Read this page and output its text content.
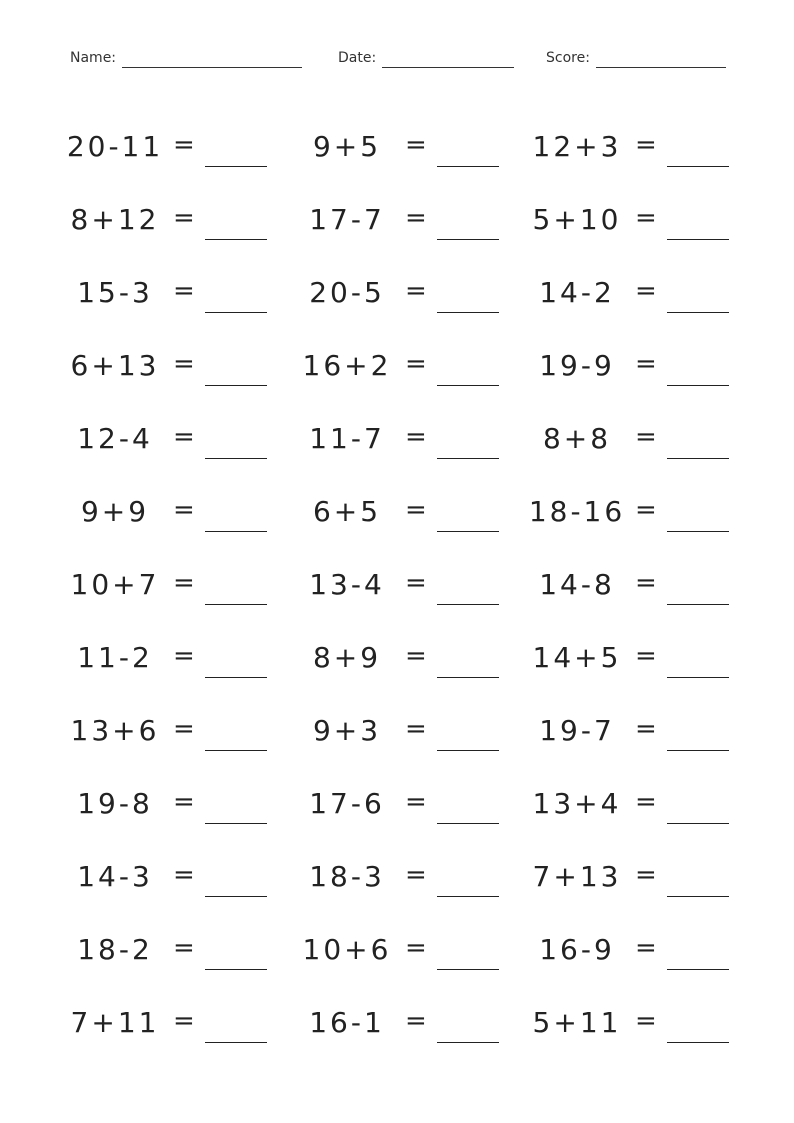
Name:	Date:	Score:
20-11 =	9+5 =	12+3 =
8+12 =	17-7 =	5+10 =
15-3 =	20-5 =	14-2 =
6+13 =	16+2 =	19-9 =
12-4 =	11-7 =	8+8 =
9+9 =	6+5 =	18-16 =
10+7 =	13-4 =	14-8 =
11-2 =	8+9 =	14+5 =
13+6 =	9+3 =	19-7 =
19-8 =	17-6 =	13+4 =
14-3 =	18-3 =	7+13 =
18-2 =	10+6 =	16-9 =
7+11 =	16-1 =	5+11 =
